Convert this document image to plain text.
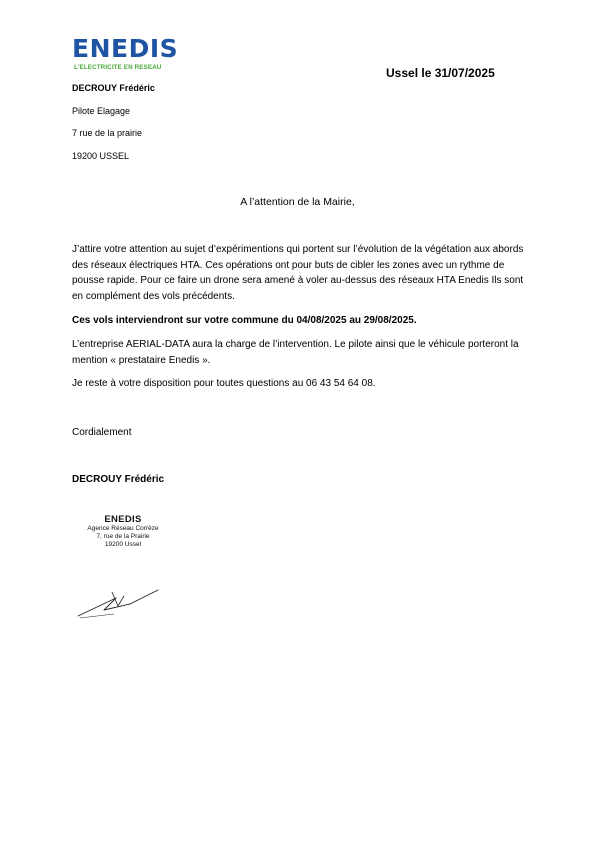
ENEDIS
L'ELECTRICITE EN RESEAU	Ussel le 31/07/2025
DECROUY Frédéric
Pilote Elagage
7 rue de la prairie
19200 USSEL
A l’attention de la Mairie,
J’attire votre attention au sujet d’expérimentions qui portent sur l’évolution de la végétation aux abords des réseaux électriques HTA. Ces opérations ont pour buts de cibler les zones avec un rythme de pousse rapide. Pour ce faire un drone sera amené à voler au-dessus des réseaux HTA Enedis Ils sont en complément des vols précédents.
Ces vols interviendront sur votre commune du 04/08/2025 au 29/08/2025.
L’entreprise AERIAL-DATA aura la charge de l’intervention. Le pilote ainsi que le véhicule porteront la mention « prestataire Enedis ».
Je reste à votre disposition pour toutes questions au 06 43 54 64 08.
Cordialement
DECROUY Frédéric
ENEDIS
Agence Réseau Corrèze
7, rue de la Prairie
19200 Ussel
